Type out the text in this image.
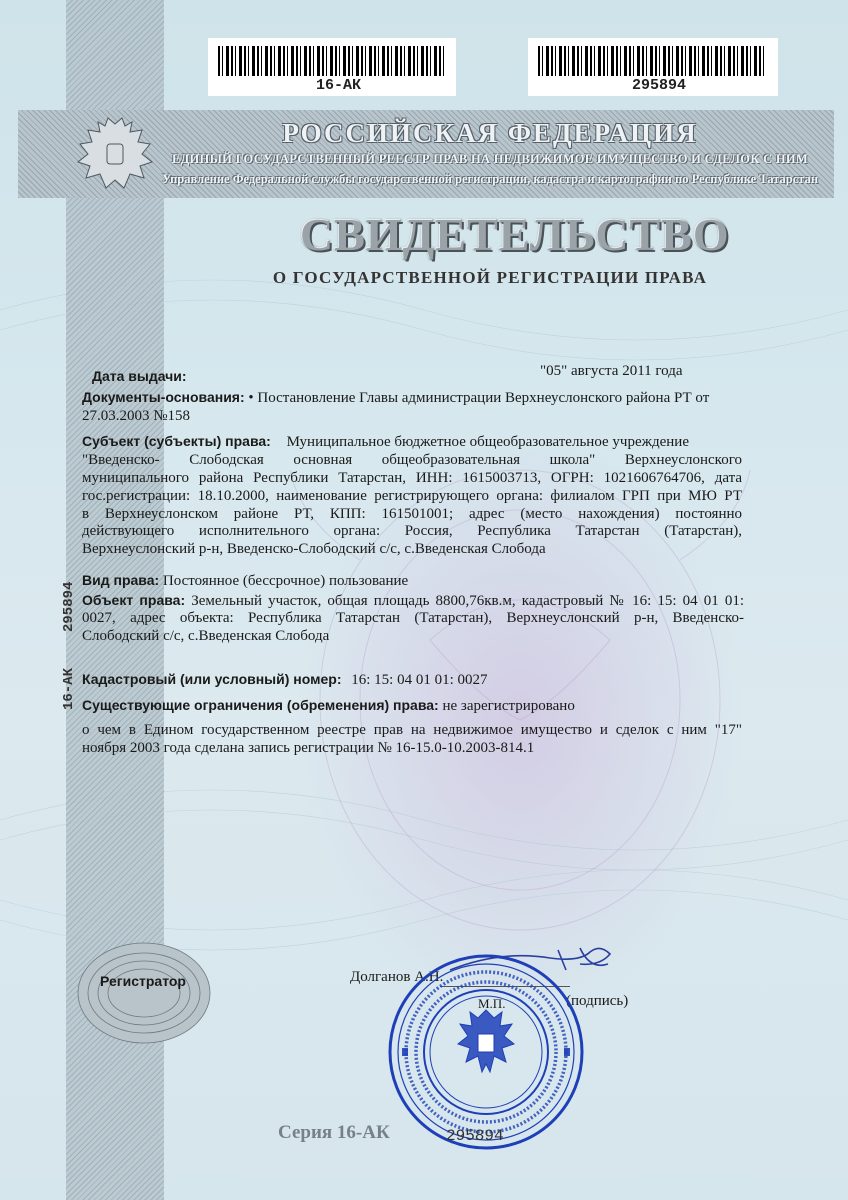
16-АК	295894
РОССИЙСКАЯ ФЕДЕРАЦИЯ
ЕДИНЫЙ ГОСУДАРСТВЕННЫЙ РЕЕСТР ПРАВ НА НЕДВИЖИМОЕ ИМУЩЕСТВО И СДЕЛОК С НИМ
Управление Федеральной службы государственной регистрации, кадастра и картографии по Республике Татарстан
СВИДЕТЕЛЬСТВО
О ГОСУДАРСТВЕННОЙ РЕГИСТРАЦИИ ПРАВА
Дата выдачи:	"05" августа 2011 года
Документы-основания: • Постановление Главы администрации Верхнеуслонского района РТ от
27.03.2003 №158
Субъект (субъекты) права: Муниципальное бюджетное общеобразовательное учреждение
"Введенско- Слободская основная общеобразовательная школа" Верхнеуслонского
муниципального района Республики Татарстан, ИНН: 1615003713, ОГРН: 1021606764706, дата
гос.регистрации: 18.10.2000, наименование регистрирующего органа: филиалом ГРП при МЮ РТ
в Верхнеуслонском районе РТ, КПП: 161501001; адрес (место нахождения) постоянно
действующего исполнительного органа: Россия, Республика Татарстан (Татарстан),
Верхнеуслонский р-н, Введенско-Слободский с/с, с.Введенская Слобода
Вид права: Постоянное (бессрочное) пользование
Объект права: Земельный участок, общая площадь 8800,76кв.м, кадастровый № 16: 15: 04 01 01:
0027, адрес объекта: Республика Татарстан (Татарстан), Верхнеуслонский р-н, Введенско-
Слободский с/с, с.Введенская Слобода
Кадастровый (или условный) номер: 16: 15: 04 01 01: 0027
Существующие ограничения (обременения) права: не зарегистрировано
о чем в Едином государственном реестре прав на недвижимое имущество и сделок с ним "17"
ноября 2003 года сделана запись регистрации № 16-15.0-10.2003-814.1
16-АК
295894
Регистратор	Долганов А.Н.
М.П.	(подпись)
Серия 16-АК	295894
